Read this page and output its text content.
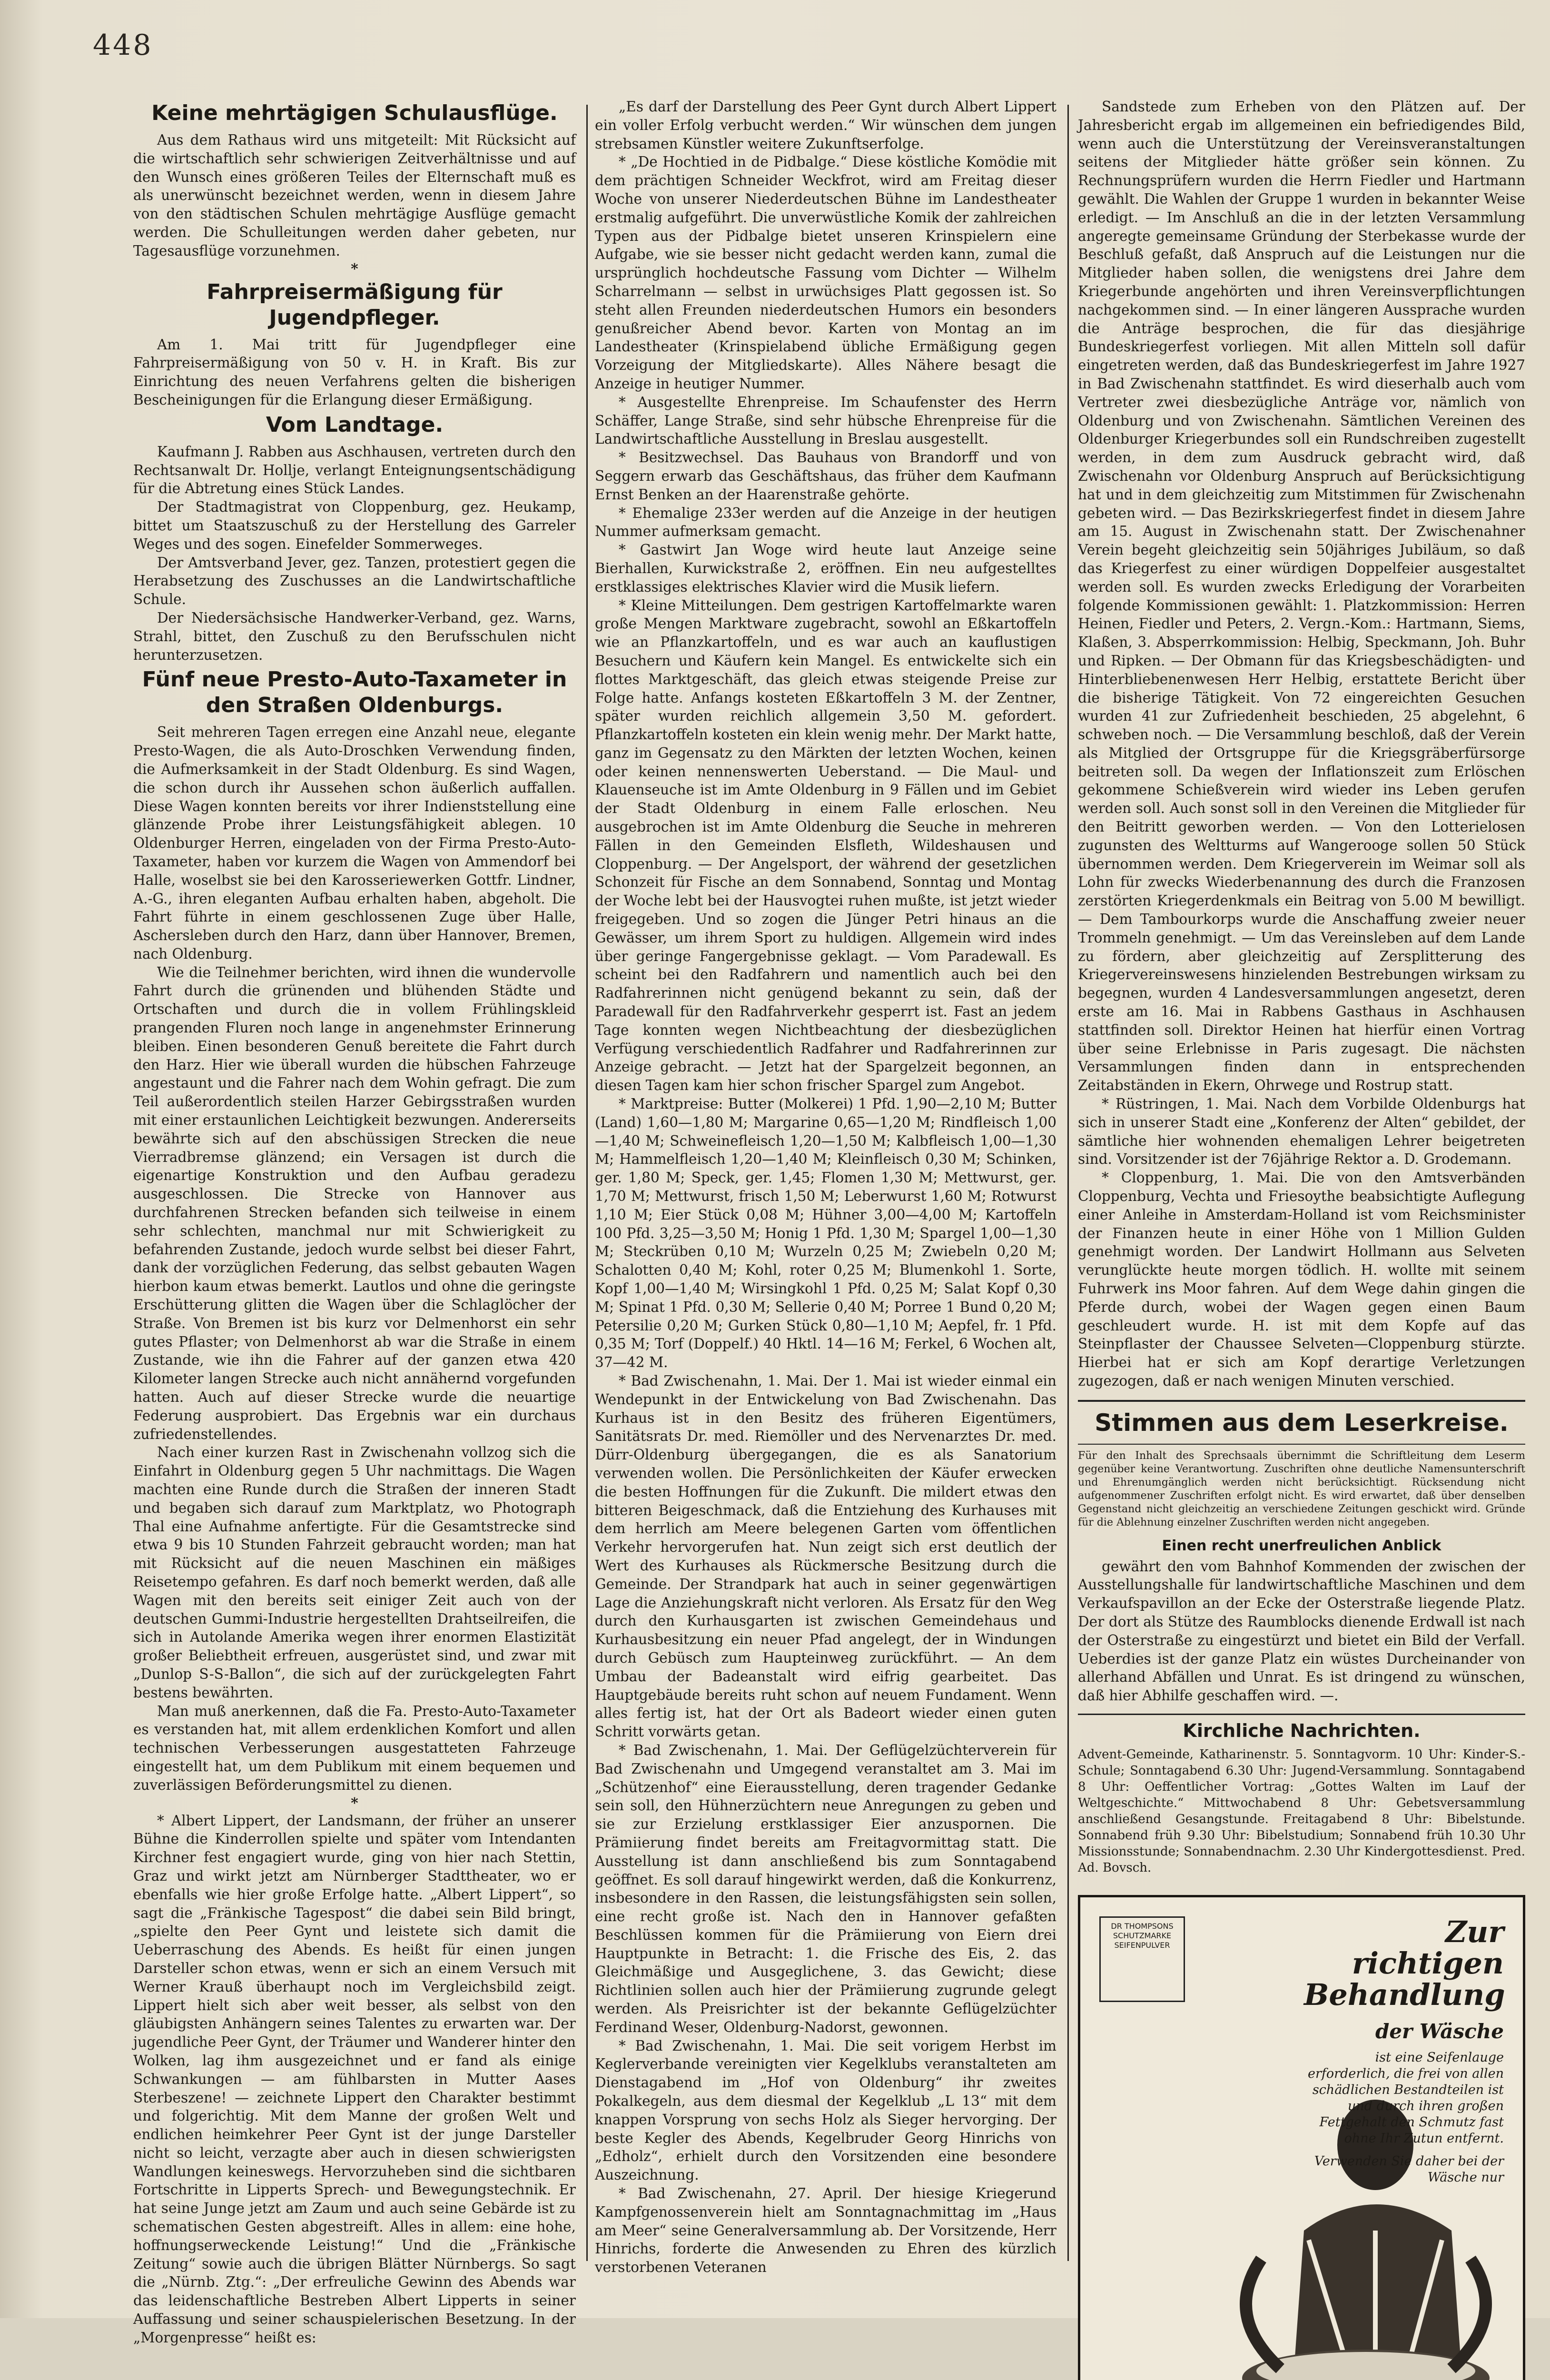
448
Keine mehrtägigen Schulausflüge.

Aus dem Rathaus wird uns mitgeteilt: Mit Rücksicht auf die wirtschaftlich sehr schwierigen Zeitverhältnisse und auf den Wunsch eines größeren Teiles der Elternschaft muß es als unerwünscht bezeichnet werden, wenn in diesem Jahre von den städtischen Schulen mehrtägige Ausflüge gemacht werden. Die Schulleitungen werden daher gebeten, nur Tagesausflüge vorzunehmen.

*
Fahrpreisermäßigung für Jugendpfleger.

Am 1. Mai tritt für Jugendpfleger eine Fahrpreisermäßigung von 50 v. H. in Kraft. Bis zur Einrichtung des neuen Verfahrens gelten die bisherigen Bescheinigungen für die Erlangung dieser Ermäßigung.

Vom Landtage.

Kaufmann J. Rabben aus Aschhausen, vertreten durch den Rechtsanwalt Dr. Hollje, verlangt Enteignungsentschädigung für die Abtretung eines Stück Landes.

Der Stadtmagistrat von Cloppenburg, gez. Heukamp, bittet um Staatszuschuß zu der Herstellung des Garreler Weges und des sogen. Einefelder Sommerweges.

Der Amtsverband Jever, gez. Tanzen, protestiert gegen die Herabsetzung des Zuschusses an die Landwirtschaftliche Schule.

Der Niedersächsische Handwerker-Verband, gez. Warns, Strahl, bittet, den Zuschuß zu den Berufsschulen nicht herunterzusetzen.

Fünf neue Presto-Auto-Taxameter in den Straßen Oldenburgs.

Seit mehreren Tagen erregen eine Anzahl neue, elegante Presto-Wagen, die als Auto-Droschken Verwendung finden, die Aufmerksamkeit in der Stadt Oldenburg. Es sind Wagen, die schon durch ihr Aussehen schon äußerlich auffallen. Diese Wagen konnten bereits vor ihrer Indienststellung eine glänzende Probe ihrer Leistungsfähigkeit ablegen. 10 Oldenburger Herren, eingeladen von der Firma Presto-Auto-Taxameter, haben vor kurzem die Wagen von Ammendorf bei Halle, woselbst sie bei den Karosseriewerken Gottfr. Lindner, A.-G., ihren eleganten Aufbau erhalten haben, abgeholt. Die Fahrt führte in einem geschlossenen Zuge über Halle, Aschersleben durch den Harz, dann über Hannover, Bremen, nach Oldenburg.

Wie die Teilnehmer berichten, wird ihnen die wundervolle Fahrt durch die grünenden und blühenden Städte und Ortschaften und durch die in vollem Frühlingskleid prangenden Fluren noch lange in angenehmster Erinnerung bleiben. Einen besonderen Genuß bereitete die Fahrt durch den Harz. Hier wie überall wurden die hübschen Fahrzeuge angestaunt und die Fahrer nach dem Wohin gefragt. Die zum Teil außerordentlich steilen Harzer Gebirgsstraßen wurden mit einer erstaunlichen Leichtigkeit bezwungen. Andererseits bewährte sich auf den abschüssigen Strecken die neue Vierradbremse glänzend; ein Versagen ist durch die eigenartige Konstruktion und den Aufbau geradezu ausgeschlossen. Die Strecke von Hannover aus durchfahrenen Strecken befanden sich teilweise in einem sehr schlechten, manchmal nur mit Schwierigkeit zu befahrenden Zustande, jedoch wurde selbst bei dieser Fahrt, dank der vorzüglichen Federung, das selbst gebauten Wagen hierbon kaum etwas bemerkt. Lautlos und ohne die geringste Erschütterung glitten die Wagen über die Schlaglöcher der Straße. Von Bremen ist bis kurz vor Delmenhorst ein sehr gutes Pflaster; von Delmenhorst ab war die Straße in einem Zustande, wie ihn die Fahrer auf der ganzen etwa 420 Kilometer langen Strecke auch nicht annähernd vorgefunden hatten. Auch auf dieser Strecke wurde die neuartige Federung ausprobiert. Das Ergebnis war ein durchaus zufriedenstellendes.

Nach einer kurzen Rast in Zwischenahn vollzog sich die Einfahrt in Oldenburg gegen 5 Uhr nachmittags. Die Wagen machten eine Runde durch die Straßen der inneren Stadt und begaben sich darauf zum Marktplatz, wo Photograph Thal eine Aufnahme anfertigte. Für die Gesamtstrecke sind etwa 9 bis 10 Stunden Fahrzeit gebraucht worden; man hat mit Rücksicht auf die neuen Maschinen ein mäßiges Reisetempo gefahren. Es darf noch bemerkt werden, daß alle Wagen mit den bereits seit einiger Zeit auch von der deutschen Gummi-Industrie hergestellten Drahtseilreifen, die sich in Autolande Amerika wegen ihrer enormen Elastizität großer Beliebtheit erfreuen, ausgerüstet sind, und zwar mit „Dunlop S-S-Ballon“, die sich auf der zurückgelegten Fahrt bestens bewährten.

Man muß anerkennen, daß die Fa. Presto-Auto-Taxameter es verstanden hat, mit allem erdenklichen Komfort und allen technischen Verbesserungen ausgestatteten Fahrzeuge eingestellt hat, um dem Publikum mit einem bequemen und zuverlässigen Beförderungsmittel zu dienen.

*

* Albert Lippert, der Landsmann, der früher an unserer Bühne die Kinderrollen spielte und später vom Intendanten Kirchner fest engagiert wurde, ging von hier nach Stettin, Graz und wirkt jetzt am Nürnberger Stadttheater, wo er ebenfalls wie hier große Erfolge hatte. „Albert Lippert“, so sagt die „Fränkische Tagespost“ die dabei sein Bild bringt, „spielte den Peer Gynt und leistete sich damit die Ueberraschung des Abends. Es heißt für einen jungen Darsteller schon etwas, wenn er sich an einem Versuch mit Werner Krauß überhaupt noch im Vergleichsbild zeigt. Lippert hielt sich aber weit besser, als selbst von den gläubigsten Anhängern seines Talentes zu erwarten war. Der jugendliche Peer Gynt, der Träumer und Wanderer hinter den Wolken, lag ihm ausgezeichnet und er fand als einige Schwankungen — am fühlbarsten in Mutter Aases Sterbeszene! — zeichnete Lippert den Charakter bestimmt und folgerichtig. Mit dem Manne der großen Welt und endlichen heimkehrer Peer Gynt ist der junge Darsteller nicht so leicht, verzagte aber auch in diesen schwierigsten Wandlungen keineswegs. Hervorzuheben sind die sichtbaren Fortschritte in Lipperts Sprech- und Bewegungstechnik. Er hat seine Junge jetzt am Zaum und auch seine Gebärde ist zu schematischen Gesten abgestreift. Alles in allem: eine hohe, hoffnungserweckende Leistung!“ Und die „Fränkische Zeitung“ sowie auch die übrigen Blätter Nürnbergs. So sagt die „Nürnb. Ztg.“: „Der erfreuliche Gewinn des Abends war das leidenschaftliche Bestreben Albert Lipperts in seiner Auffassung und seiner schauspielerischen Besetzung. In der „Morgenpresse“ heißt es:

„Es darf der Darstellung des Peer Gynt durch Albert Lippert ein voller Erfolg verbucht werden.“ Wir wünschen dem jungen strebsamen Künstler weitere Zukunftserfolge.

* „De Hochtied in de Pidbalge.“ Diese köstliche Komödie mit dem prächtigen Schneider Weckfrot, wird am Freitag dieser Woche von unserer Niederdeutschen Bühne im Landestheater erstmalig aufgeführt. Die unverwüstliche Komik der zahlreichen Typen aus der Pidbalge bietet unseren Krinspielern eine Aufgabe, wie sie besser nicht gedacht werden kann, zumal die ursprünglich hochdeutsche Fassung vom Dichter — Wilhelm Scharrelmann — selbst in urwüchsiges Platt gegossen ist. So steht allen Freunden niederdeutschen Humors ein besonders genußreicher Abend bevor. Karten von Montag an im Landestheater (Krinspielabend übliche Ermäßigung gegen Vorzeigung der Mitgliedskarte). Alles Nähere besagt die Anzeige in heutiger Nummer.

* Ausgestellte Ehrenpreise. Im Schaufenster des Herrn Schäffer, Lange Straße, sind sehr hübsche Ehrenpreise für die Landwirtschaftliche Ausstellung in Breslau ausgestellt.

* Besitzwechsel. Das Bauhaus von Brandorff und von Seggern erwarb das Geschäftshaus, das früher dem Kaufmann Ernst Benken an der Haarenstraße gehörte.

* Ehemalige 233er werden auf die Anzeige in der heutigen Nummer aufmerksam gemacht.

* Gastwirt Jan Woge wird heute laut Anzeige seine Bierhallen, Kurwickstraße 2, eröffnen. Ein neu aufgestelltes erstklassiges elektrisches Klavier wird die Musik liefern.

* Kleine Mitteilungen. Dem gestrigen Kartoffelmarkte waren große Mengen Marktware zugebracht, sowohl an Eßkartoffeln wie an Pflanzkartoffeln, und es war auch an kauflustigen Besuchern und Käufern kein Mangel. Es entwickelte sich ein flottes Marktgeschäft, das gleich etwas steigende Preise zur Folge hatte. Anfangs kosteten Eßkartoffeln 3 M. der Zentner, später wurden reichlich allgemein 3,50 M. gefordert. Pflanzkartoffeln kosteten ein klein wenig mehr. Der Markt hatte, ganz im Gegensatz zu den Märkten der letzten Wochen, keinen oder keinen nennenswerten Ueberstand. — Die Maul- und Klauenseuche ist im Amte Oldenburg in 9 Fällen und im Gebiet der Stadt Oldenburg in einem Falle erloschen. Neu ausgebrochen ist im Amte Oldenburg die Seuche in mehreren Fällen in den Gemeinden Elsfleth, Wildeshausen und Cloppenburg. — Der Angelsport, der während der gesetzlichen Schonzeit für Fische an dem Sonnabend, Sonntag und Montag der Woche lebt bei der Hausvogtei ruhen mußte, ist jetzt wieder freigegeben. Und so zogen die Jünger Petri hinaus an die Gewässer, um ihrem Sport zu huldigen. Allgemein wird indes über geringe Fangergebnisse geklagt. — Vom Paradewall. Es scheint bei den Radfahrern und namentlich auch bei den Radfahrerinnen nicht genügend bekannt zu sein, daß der Paradewall für den Radfahrverkehr gesperrt ist. Fast an jedem Tage konnten wegen Nichtbeachtung der diesbezüglichen Verfügung verschiedentlich Radfahrer und Radfahrerinnen zur Anzeige gebracht. — Jetzt hat der Spargelzeit begonnen, an diesen Tagen kam hier schon frischer Spargel zum Angebot.

* Marktpreise: Butter (Molkerei) 1 Pfd. 1,90—2,10 M; Butter (Land) 1,60—1,80 M; Margarine 0,65—1,20 M; Rindfleisch 1,00—1,40 M; Schweinefleisch 1,20—1,50 M; Kalbfleisch 1,00—1,30 M; Hammelfleisch 1,20—1,40 M; Kleinfleisch 0,30 M; Schinken, ger. 1,80 M; Speck, ger. 1,45; Flomen 1,30 M; Mettwurst, ger. 1,70 M; Mettwurst, frisch 1,50 M; Leberwurst 1,60 M; Rotwurst 1,10 M; Eier Stück 0,08 M; Hühner 3,00—4,00 M; Kartoffeln 100 Pfd. 3,25—3,50 M; Honig 1 Pfd. 1,30 M; Spargel 1,00—1,30 M; Steckrüben 0,10 M; Wurzeln 0,25 M; Zwiebeln 0,20 M; Schalotten 0,40 M; Kohl, roter 0,25 M; Blumenkohl 1. Sorte, Kopf 1,00—1,40 M; Wirsingkohl 1 Pfd. 0,25 M; Salat Kopf 0,30 M; Spinat 1 Pfd. 0,30 M; Sellerie 0,40 M; Porree 1 Bund 0,20 M; Petersilie 0,20 M; Gurken Stück 0,80—1,10 M; Aepfel, fr. 1 Pfd. 0,35 M; Torf (Doppelf.) 40 Hktl. 14—16 M; Ferkel, 6 Wochen alt, 37—42 M.

* Bad Zwischenahn, 1. Mai. Der 1. Mai ist wieder einmal ein Wendepunkt in der Entwickelung von Bad Zwischenahn. Das Kurhaus ist in den Besitz des früheren Eigentümers, Sanitätsrats Dr. med. Riemöller und des Nervenarztes Dr. med. Dürr-Oldenburg übergegangen, die es als Sanatorium verwenden wollen. Die Persönlichkeiten der Käufer erwecken die besten Hoffnungen für die Zukunft. Die mildert etwas den bitteren Beigeschmack, daß die Entziehung des Kurhauses mit dem herrlich am Meere belegenen Garten vom öffentlichen Verkehr hervorgerufen hat. Nun zeigt sich erst deutlich der Wert des Kurhauses als Rückmersche Besitzung durch die Gemeinde. Der Strandpark hat auch in seiner gegenwärtigen Lage die Anziehungskraft nicht verloren. Als Ersatz für den Weg durch den Kurhausgarten ist zwischen Gemeindehaus und Kurhausbesitzung ein neuer Pfad angelegt, der in Windungen durch Gebüsch zum Haupteinweg zurückführt. — An dem Umbau der Badeanstalt wird eifrig gearbeitet. Das Hauptgebäude bereits ruht schon auf neuem Fundament. Wenn alles fertig ist, hat der Ort als Badeort wieder einen guten Schritt vorwärts getan.

* Bad Zwischenahn, 1. Mai. Der Geflügelzüchterverein für Bad Zwischenahn und Umgegend veranstaltet am 3. Mai im „Schützenhof“ eine Eierausstellung, deren tragender Gedanke sein soll, den Hühnerzüchtern neue Anregungen zu geben und sie zur Erzielung erstklassiger Eier anzuspornen. Die Prämiierung findet bereits am Freitagvormittag statt. Die Ausstellung ist dann anschließend bis zum Sonntagabend geöffnet. Es soll darauf hingewirkt werden, daß die Konkurrenz, insbesondere in den Rassen, die leistungsfähigsten sein sollen, eine recht große ist. Nach den in Hannover gefaßten Beschlüssen kommen für die Prämiierung von Eiern drei Hauptpunkte in Betracht: 1. die Frische des Eis, 2. das Gleichmäßige und Ausgeglichene, 3. das Gewicht; diese Richtlinien sollen auch hier der Prämiierung zugrunde gelegt werden. Als Preisrichter ist der bekannte Geflügelzüchter Ferdinand Weser, Oldenburg-Nadorst, gewonnen.

* Bad Zwischenahn, 1. Mai. Die seit vorigem Herbst im Keglerverbande vereinigten vier Kegelklubs veranstalteten am Dienstagabend im „Hof von Oldenburg“ ihr zweites Pokalkegeln, aus dem diesmal der Kegelklub „L 13“ mit dem knappen Vorsprung von sechs Holz als Sieger hervorging. Der beste Kegler des Abends, Kegelbruder Georg Hinrichs von „Edholz“, erhielt durch den Vorsitzenden eine besondere Auszeichnung.

* Bad Zwischenahn, 27. April. Der hiesige Kriegerund Kampfgenossenverein hielt am Sonntagnachmittag im „Haus am Meer“ seine Generalversammlung ab. Der Vorsitzende, Herr Hinrichs, forderte die Anwesenden zu Ehren des kürzlich verstorbenen Veteranen

Sandstede zum Erheben von den Plätzen auf. Der Jahresbericht ergab im allgemeinen ein befriedigendes Bild, wenn auch die Unterstützung der Vereinsveranstaltungen seitens der Mitglieder hätte größer sein können. Zu Rechnungsprüfern wurden die Herrn Fiedler und Hartmann gewählt. Die Wahlen der Gruppe 1 wurden in bekannter Weise erledigt. — Im Anschluß an die in der letzten Versammlung angeregte gemeinsame Gründung der Sterbekasse wurde der Beschluß gefaßt, daß Anspruch auf die Leistungen nur die Mitglieder haben sollen, die wenigstens drei Jahre dem Kriegerbunde angehörten und ihren Vereinsverpflichtungen nachgekommen sind. — In einer längeren Aussprache wurden die Anträge besprochen, die für das diesjährige Bundeskriegerfest vorliegen. Mit allen Mitteln soll dafür eingetreten werden, daß das Bundeskriegerfest im Jahre 1927 in Bad Zwischenahn stattfindet. Es wird dieserhalb auch vom Vertreter zwei diesbezügliche Anträge vor, nämlich von Oldenburg und von Zwischenahn. Sämtlichen Vereinen des Oldenburger Kriegerbundes soll ein Rundschreiben zugestellt werden, in dem zum Ausdruck gebracht wird, daß Zwischenahn vor Oldenburg Anspruch auf Berücksichtigung hat und in dem gleichzeitig zum Mitstimmen für Zwischenahn gebeten wird. — Das Bezirkskriegerfest findet in diesem Jahre am 15. August in Zwischenahn statt. Der Zwischenahner Verein begeht gleichzeitig sein 50jähriges Jubiläum, so daß das Kriegerfest zu einer würdigen Doppelfeier ausgestaltet werden soll. Es wurden zwecks Erledigung der Vorarbeiten folgende Kommissionen gewählt: 1. Platzkommission: Herren Heinen, Fiedler und Peters, 2. Vergn.-Kom.: Hartmann, Siems, Klaßen, 3. Absperrkommission: Helbig, Speckmann, Joh. Buhr und Ripken. — Der Obmann für das Kriegsbeschädigten- und Hinterbliebenenwesen Herr Helbig, erstattete Bericht über die bisherige Tätigkeit. Von 72 eingereichten Gesuchen wurden 41 zur Zufriedenheit beschieden, 25 abgelehnt, 6 schweben noch. — Die Versammlung beschloß, daß der Verein als Mitglied der Ortsgruppe für die Kriegsgräberfürsorge beitreten soll. Da wegen der Inflationszeit zum Erlöschen gekommene Schießverein wird wieder ins Leben gerufen werden soll. Auch sonst soll in den Vereinen die Mitglieder für den Beitritt geworben werden. — Von den Lotterielosen zugunsten des Weltturms auf Wangerooge sollen 50 Stück übernommen werden. Dem Kriegerverein im Weimar soll als Lohn für zwecks Wiederbenannung des durch die Franzosen zerstörten Kriegerdenkmals ein Beitrag von 5.00 M bewilligt. — Dem Tambourkorps wurde die Anschaffung zweier neuer Trommeln genehmigt. — Um das Vereinsleben auf dem Lande zu fördern, aber gleichzeitig auf Zersplitterung des Kriegervereinswesens hinzielenden Bestrebungen wirksam zu begegnen, wurden 4 Landesversammlungen angesetzt, deren erste am 16. Mai in Rabbens Gasthaus in Aschhausen stattfinden soll. Direktor Heinen hat hierfür einen Vortrag über seine Erlebnisse in Paris zugesagt. Die nächsten Versammlungen finden dann in entsprechenden Zeitabständen in Ekern, Ohrwege und Rostrup statt.

* Rüstringen, 1. Mai. Nach dem Vorbilde Oldenburgs hat sich in unserer Stadt eine „Konferenz der Alten“ gebildet, der sämtliche hier wohnenden ehemaligen Lehrer beigetreten sind. Vorsitzender ist der 76jährige Rektor a. D. Grodemann.

* Cloppenburg, 1. Mai. Die von den Amtsverbänden Cloppenburg, Vechta und Friesoythe beabsichtigte Auflegung einer Anleihe in Amsterdam-Holland ist vom Reichsminister der Finanzen heute in einer Höhe von 1 Million Gulden genehmigt worden. Der Landwirt Hollmann aus Selveten verunglückte heute morgen tödlich. H. wollte mit seinem Fuhrwerk ins Moor fahren. Auf dem Wege dahin gingen die Pferde durch, wobei der Wagen gegen einen Baum geschleudert wurde. H. ist mit dem Kopfe auf das Steinpflaster der Chaussee Selveten—Cloppenburg stürzte. Hierbei hat er sich am Kopf derartige Verletzungen zugezogen, daß er nach wenigen Minuten verschied.

Stimmen aus dem Leserkreise.
Für den Inhalt des Sprechsaals übernimmt die Schriftleitung dem Leserm gegenüber keine Verantwortung. Zuschriften ohne deutliche Namensunterschrift und Ehrenumgänglich werden nicht berücksichtigt. Rücksendung nicht aufgenommener Zuschriften erfolgt nicht. Es wird erwartet, daß über denselben Gegenstand nicht gleichzeitig an verschiedene Zeitungen geschickt wird. Gründe für die Ablehnung einzelner Zuschriften werden nicht angegeben.
Einen recht unerfreulichen Anblick

gewährt den vom Bahnhof Kommenden der zwischen der Ausstellungshalle für landwirtschaftliche Maschinen und dem Verkaufspavillon an der Ecke der Osterstraße liegende Platz. Der dort als Stütze des Raumblocks dienende Erdwall ist nach der Osterstraße zu eingestürzt und bietet ein Bild der Verfall. Ueberdies ist der ganze Platz ein wüstes Durcheinander von allerhand Abfällen und Unrat. Es ist dringend zu wünschen, daß hier Abhilfe geschaffen wird. —.

Kirchliche Nachrichten.

Advent-Gemeinde, Katharinenstr. 5. Sonntagvorm. 10 Uhr: Kinder-S.-Schule; Sonntagabend 6.30 Uhr: Jugend-Versammlung. Sonntagabend 8 Uhr: Oeffentlicher Vortrag: „Gottes Walten im Lauf der Weltgeschichte.“ Mittwochabend 8 Uhr: Gebetsversammlung anschließend Gesangstunde. Freitagabend 8 Uhr: Bibelstunde. Sonnabend früh 9.30 Uhr: Bibelstudium; Sonnabend früh 10.30 Uhr Missionsstunde; Sonnabendnachm. 2.30 Uhr Kindergottesdienst. Pred. Ad. Bovsch.

DR THOMPSONS SCHUTZMARKE SEIFENPULVER	Zur richtigen
Behandlung
der Wäsche
ist eine Seifenlauge erforderlich, die frei von allen schädlichen Bestandteilen ist und durch ihren großen Fettgehalt den Schmutz fast ohne Ihr Zutun entfernt.
Verwenden Sie daher bei der Wäsche nur
